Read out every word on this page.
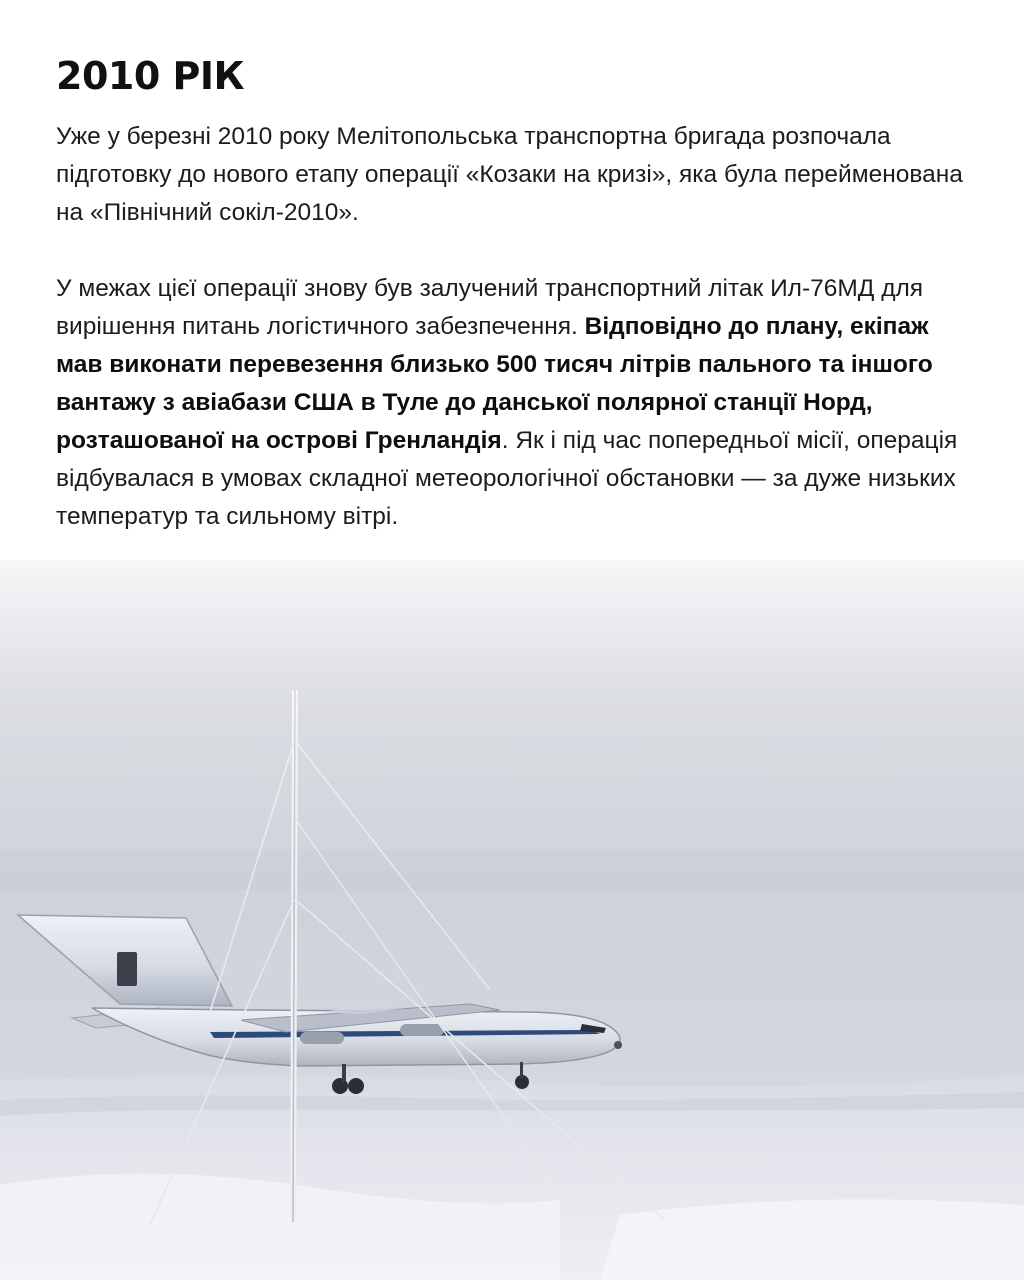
2010 РІК

Уже у березні 2010 року Мелітопольська транспортна бригада розпочала підготовку до нового етапу операції «Козаки на кризі», яка була перейменована на «Північний сокіл-2010».

У межах цієї операції знову був залучений транспортний літак Ил-76МД для вирішення питань логістичного забезпечення. Відповідно до плану, екіпаж мав виконати перевезення близько 500 тисяч літрів пального та іншого вантажу з авіабази США в Туле до данської полярної станції Норд, розташованої на острові Гренландія. Як і під час попередньої місії, операція відбувалася в умовах складної метеорологічної обстановки — за дуже низьких температур та сильному вітрі.
